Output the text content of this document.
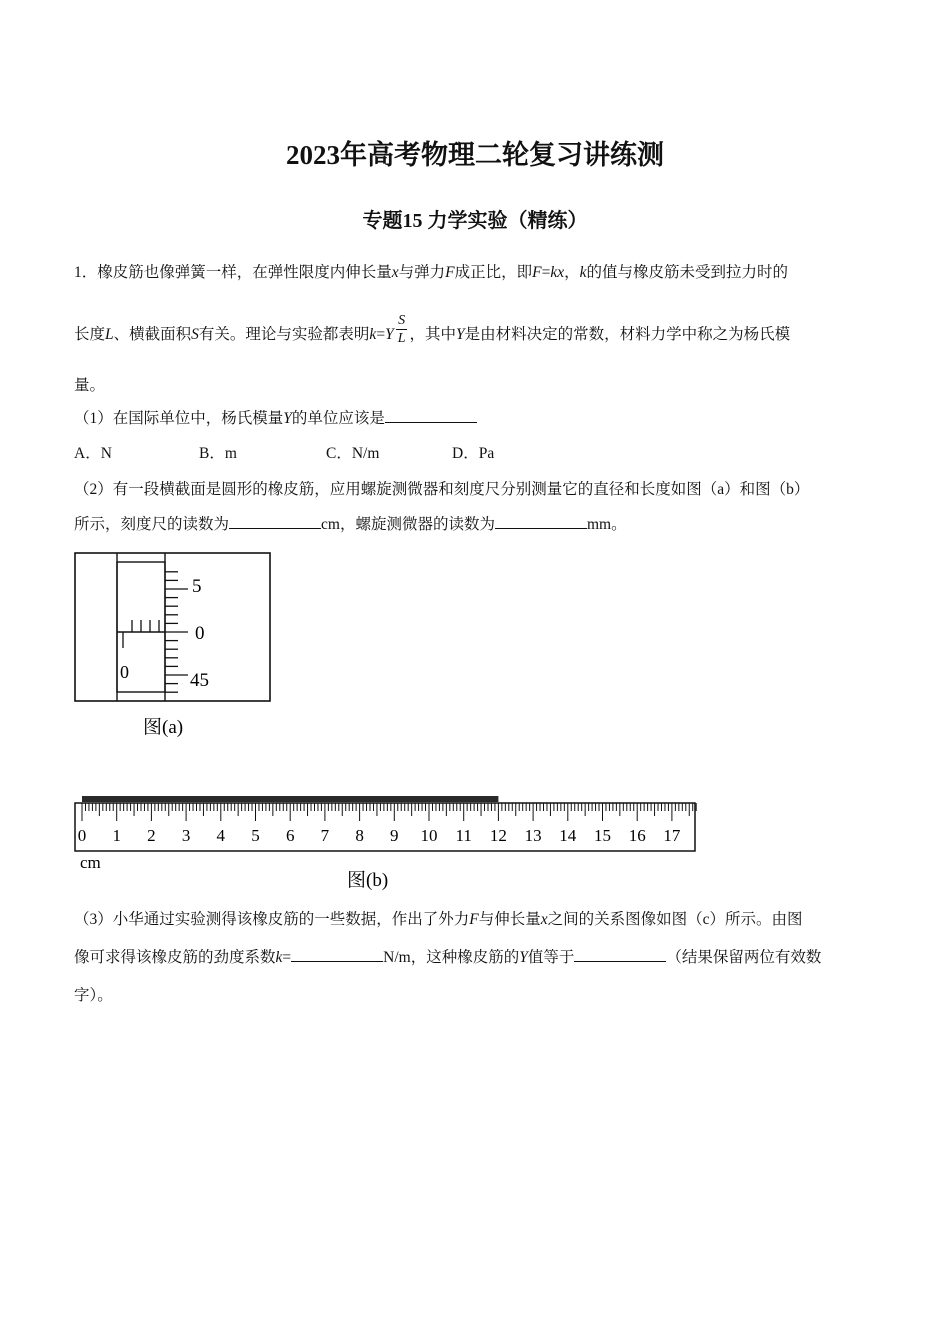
2023年高考物理二轮复习讲练测
专题15 力学实验（精练）
1．橡皮筋也像弹簧一样，在弹性限度内伸长量x与弹力F成正比，即F=kx，k的值与橡皮筋未受到拉力时的
长度L、横截面积S有关。理论与实验都表明$k=Y \frac{S}{L}$ ，其中Y是由材料决定的常数，材料力学中称之为杨氏模
量。
（1）在国际单位中，杨氏模量Y的单位应该是
A．N	B．m	C．N/m	D．Pa
（2）有一段横截面是圆形的橡皮筋，应用螺旋测微器和刻度尺分别测量它的直径和长度如图（a）和图（b）
所示，刻度尺的读数为	cm，螺旋测微器的读数为	mm。
5
0
45
0
图(a)
0 1 2 3 4 5 6 7 8 9 10 11 12 13 14 15 16 17
cm
图(b)
（3）小华通过实验测得该橡皮筋的一些数据，作出了外力F与伸长量x之间的关系图像如图（c）所示。由图
像可求得该橡皮筋的劲度系数k=	N/m，这种橡皮筋的Y值等于	（结果保留两位有效数
字）。
